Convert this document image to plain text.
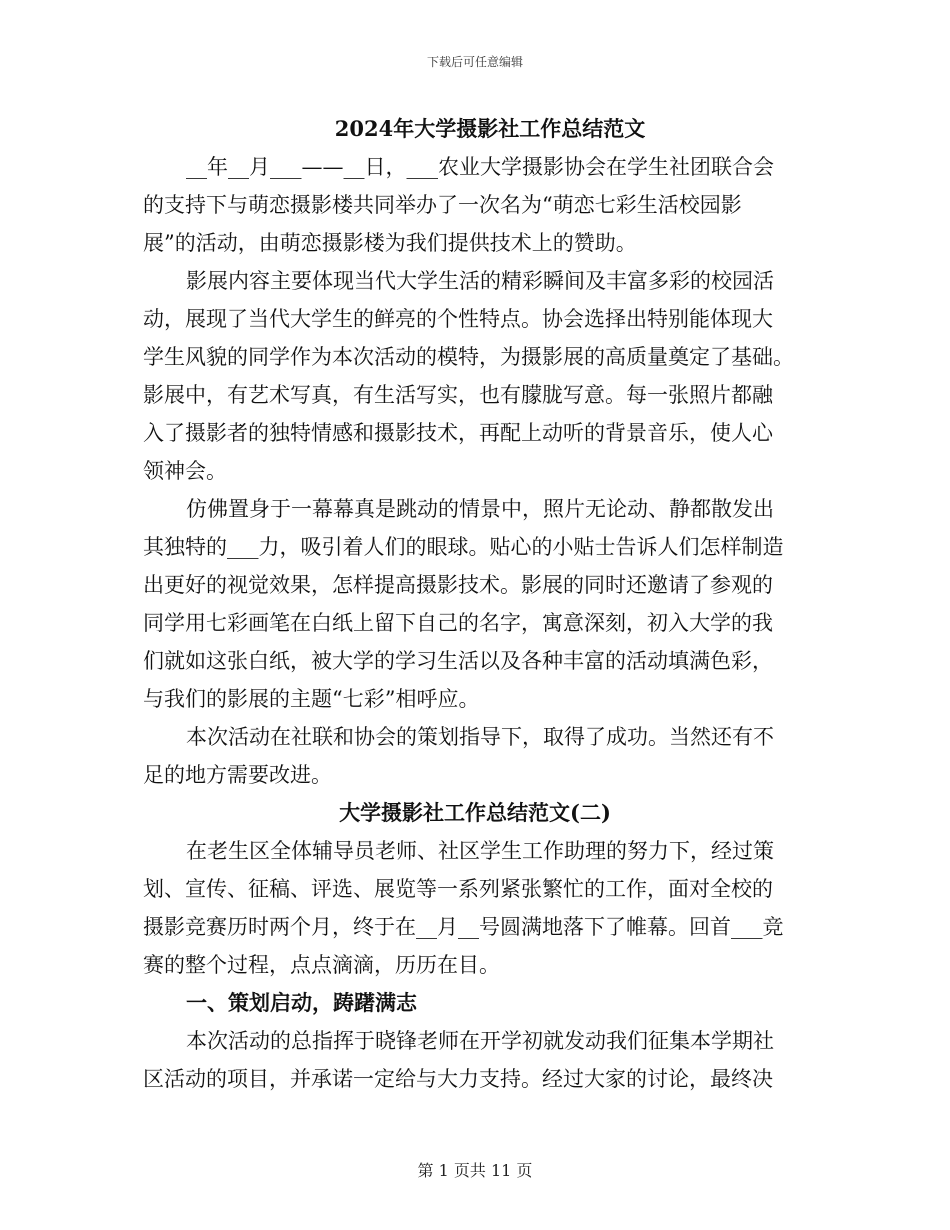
下载后可任意编辑
2024年大学摄影社工作总结范文
__年__月___——__日，___农业大学摄影协会在学生社团联合会
的支持下与萌恋摄影楼共同举办了一次名为“萌恋七彩生活校园影
展”的活动，由萌恋摄影楼为我们提供技术上的赞助。
影展内容主要体现当代大学生活的精彩瞬间及丰富多彩的校园活
动，展现了当代大学生的鲜亮的个性特点。协会选择出特别能体现大
学生风貌的同学作为本次活动的模特，为摄影展的高质量奠定了基础。
影展中，有艺术写真，有生活写实，也有朦胧写意。每一张照片都融
入了摄影者的独特情感和摄影技术，再配上动听的背景音乐，使人心
领神会。
仿佛置身于一幕幕真是跳动的情景中，照片无论动、静都散发出
其独特的___力，吸引着人们的眼球。贴心的小贴士告诉人们怎样制造
出更好的视觉效果，怎样提高摄影技术。影展的同时还邀请了参观的
同学用七彩画笔在白纸上留下自己的名字，寓意深刻，初入大学的我
们就如这张白纸，被大学的学习生活以及各种丰富的活动填满色彩，
与我们的影展的主题“七彩”相呼应。
本次活动在社联和协会的策划指导下，取得了成功。当然还有不
足的地方需要改进。
大学摄影社工作总结范文(二)
在老生区全体辅导员老师、社区学生工作助理的努力下，经过策
划、宣传、征稿、评选、展览等一系列紧张繁忙的工作，面对全校的
摄影竞赛历时两个月，终于在__月__号圆满地落下了帷幕。回首___竞
赛的整个过程，点点滴滴，历历在目。
一、策划启动，踌躇满志
本次活动的总指挥于晓锋老师在开学初就发动我们征集本学期社
区活动的项目，并承诺一定给与大力支持。经过大家的讨论，最终决
第 1 页共 11 页
